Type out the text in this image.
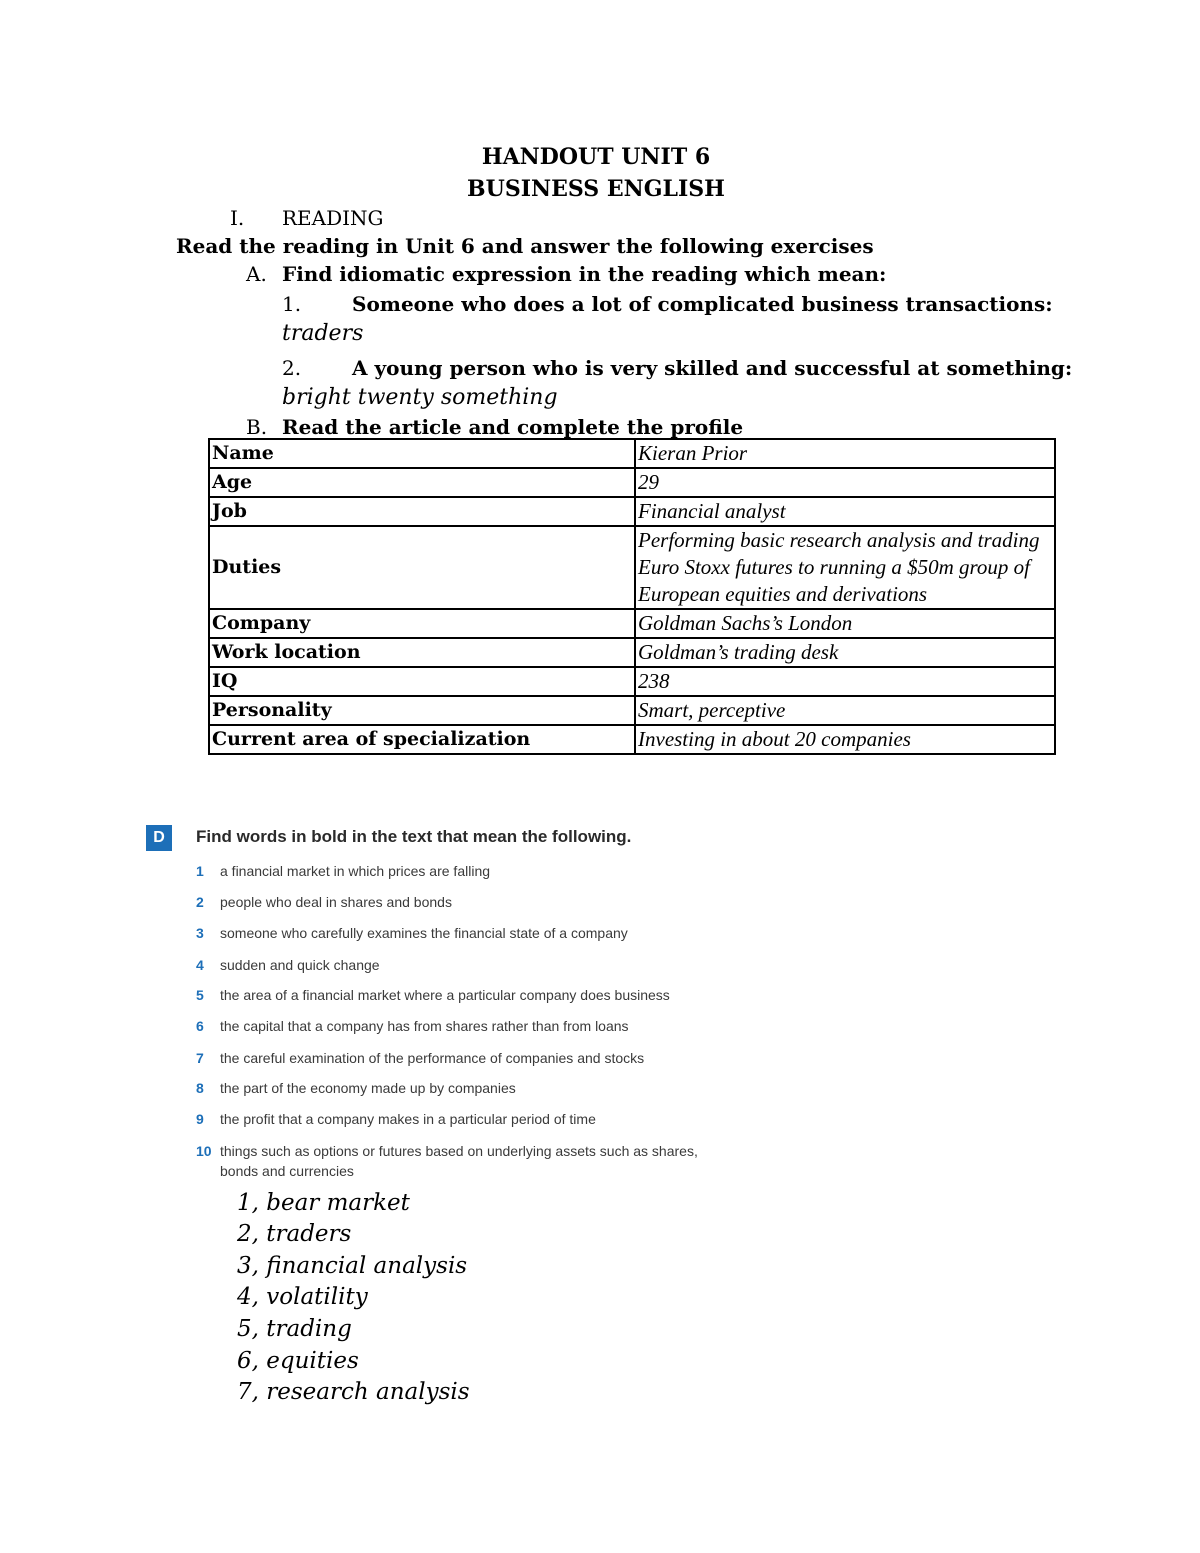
HANDOUT UNIT 6
BUSINESS ENGLISH
I. READING
Read the reading in Unit 6 and answer the following exercises
A. Find idiomatic expression in the reading which mean:
1.	Someone who does a lot of complicated business transactions:
traders
2.	A young person who is very skilled and successful at something:
bright twenty something
B. Read the article and complete the profile
Name	Kieran Prior
Age	29
Job	Financial analyst
Duties	Performing basic research analysis and trading Euro Stoxx futures to running a $50m group of European equities and derivations
Company	Goldman Sachs’s London
Work location	Goldman’s trading desk
IQ	238
Personality	Smart, perceptive
Current area of specialization	Investing in about 20 companies
D	Find words in bold in the text that mean the following.
1 a financial market in which prices are falling
2 people who deal in shares and bonds
3 someone who carefully examines the financial state of a company
4 sudden and quick change
5 the area of a financial market where a particular company does business
6 the capital that a company has from shares rather than from loans
7 the careful examination of the performance of companies and stocks
8 the part of the economy made up by companies
9 the profit that a company makes in a particular period of time
10 things such as options or futures based on underlying assets such as shares,
bonds and currencies
1, bear market
2, traders
3, financial analysis
4, volatility
5, trading
6, equities
7, research analysis
